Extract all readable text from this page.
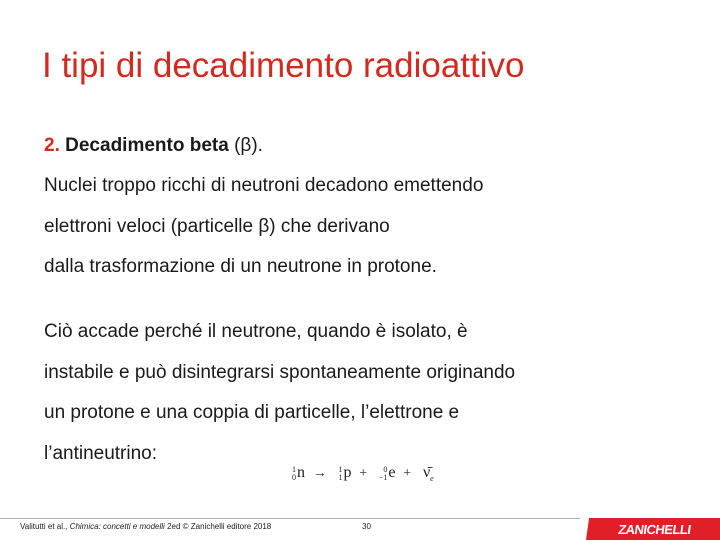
I tipi di decadimento radioattivo
2. Decadimento beta (β).
Nuclei troppo ricchi di neutroni decadono emettendo
elettroni veloci (particelle β) che derivano
dalla trasformazione di un neutrone in protone.
Ciò accade perché il neutrone, quando è isolato, è
instabile e può disintegrarsi spontaneamente originando
un protone e una coppia di particelle, l’elettrone e
l’antineutrino:
1
0 n → 1
1 p +	0
−1 $e + \nū_e$
Valitutti et al., Chimica: concetti e modelli 2ed © Zanichelli editore 2018	30	ZANICHELLI
